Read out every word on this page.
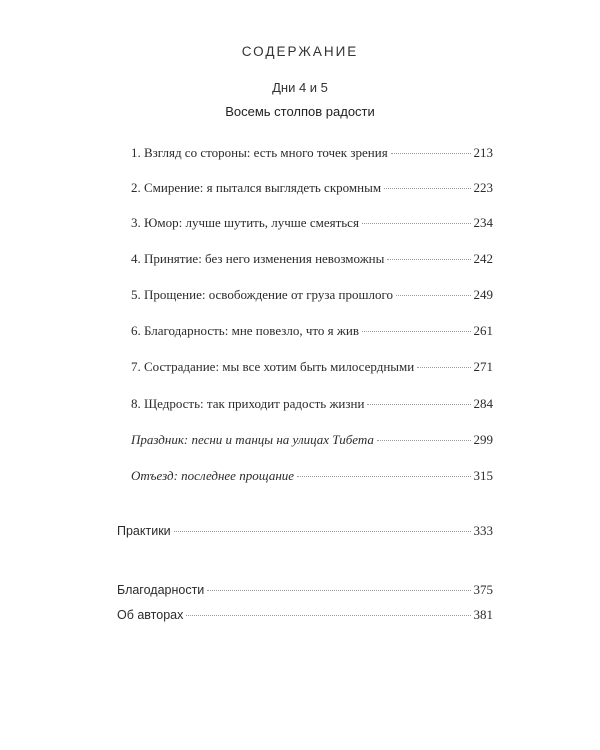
СОДЕРЖАНИЕ
Дни 4 и 5
Восемь столпов радости
1. Взгляд со стороны: есть много точек зрения	213
2. Смирение: я пытался выглядеть скромным	223
3. Юмор: лучше шутить, лучше смеяться	234
4. Принятие: без него изменения невозможны	242
5. Прощение: освобождение от груза прошлого	249
6. Благодарность: мне повезло, что я жив	261
7. Сострадание: мы все хотим быть милосердными	271
8. Щедрость: так приходит радость жизни	284
Праздник: песни и танцы на улицах Тибета	299
Отъезд: последнее прощание	315
Практики	333
Благодарности	375
Об авторах	381
